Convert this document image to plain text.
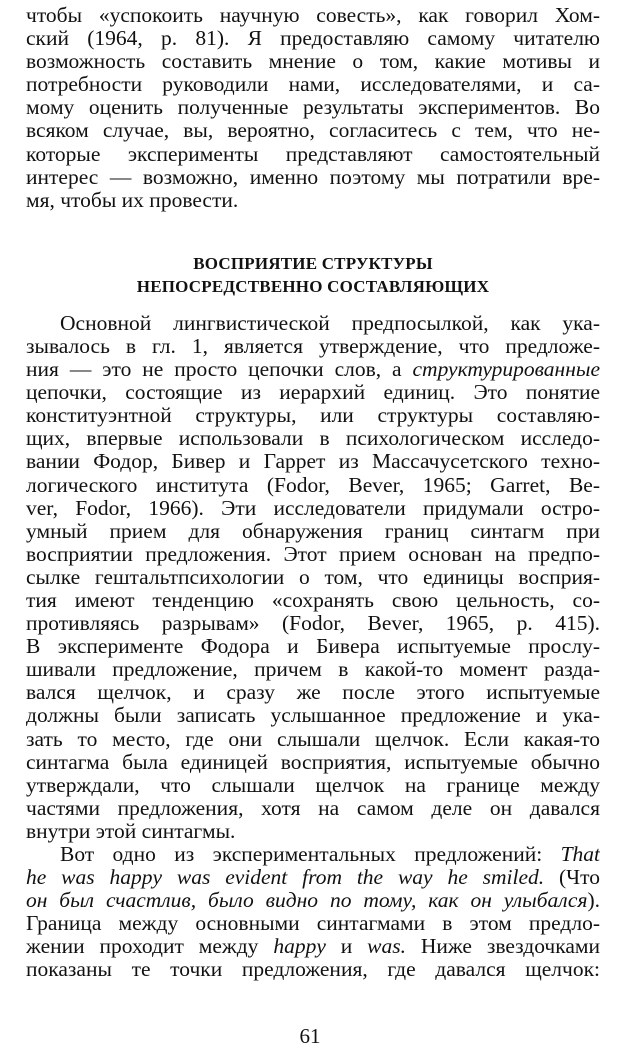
чтобы «успокоить научную совесть», как говорил Хом-
ский (1964, р. 81). Я предоставляю самому читателю
возможность составить мнение о том, какие мотивы и
потребности руководили нами, исследователями, и са-
мому оценить полученные результаты экспериментов. Во
всяком случае, вы, вероятно, согласитесь с тем, что не-
которые эксперименты представляют самостоятельный
интерес — возможно, именно поэтому мы потратили вре-
мя, чтобы их провести.
ВОСПРИЯТИЕ СТРУКТУРЫ
НЕПОСРЕДСТВЕННО СОСТАВЛЯЮЩИХ
Основной лингвистической предпосылкой, как ука-
зывалось в гл. 1, является утверждение, что предложе-
ния — это не просто цепочки слов, а структурированные
цепочки, состоящие из иерархий единиц. Это понятие
конституэнтной структуры, или структуры составляю-
щих, впервые использовали в психологическом исследо-
вании Фодор, Бивер и Гаррет из Массачусетского техно-
логического института (Fodor, Bever, 1965; Garret, Be-
ver, Fodor, 1966). Эти исследователи придумали остро-
умный прием для обнаружения границ синтагм при
восприятии предложения. Этот прием основан на предпо-
сылке гештальтпсихологии о том, что единицы восприя-
тия имеют тенденцию «сохранять свою цельность, со-
противляясь разрывам» (Fodor, Bever, 1965, р. 415).
В эксперименте Фодора и Бивера испытуемые прослу-
шивали предложение, причем в какой-то момент разда-
вался щелчок, и сразу же после этого испытуемые
должны были записать услышанное предложение и ука-
зать то место, где они слышали щелчок. Если какая-то
синтагма была единицей восприятия, испытуемые обычно
утверждали, что слышали щелчок на границе между
частями предложения, хотя на самом деле он давался
внутри этой синтагмы.
Вот одно из экспериментальных предложений: That
he was happy was evident from the way he smiled. (Что
он был счастлив, было видно по тому, как он улыбался).
Граница между основными синтагмами в этом предло-
жении проходит между happy и was. Ниже звездочками
показаны те точки предложения, где давался щелчок:
61
